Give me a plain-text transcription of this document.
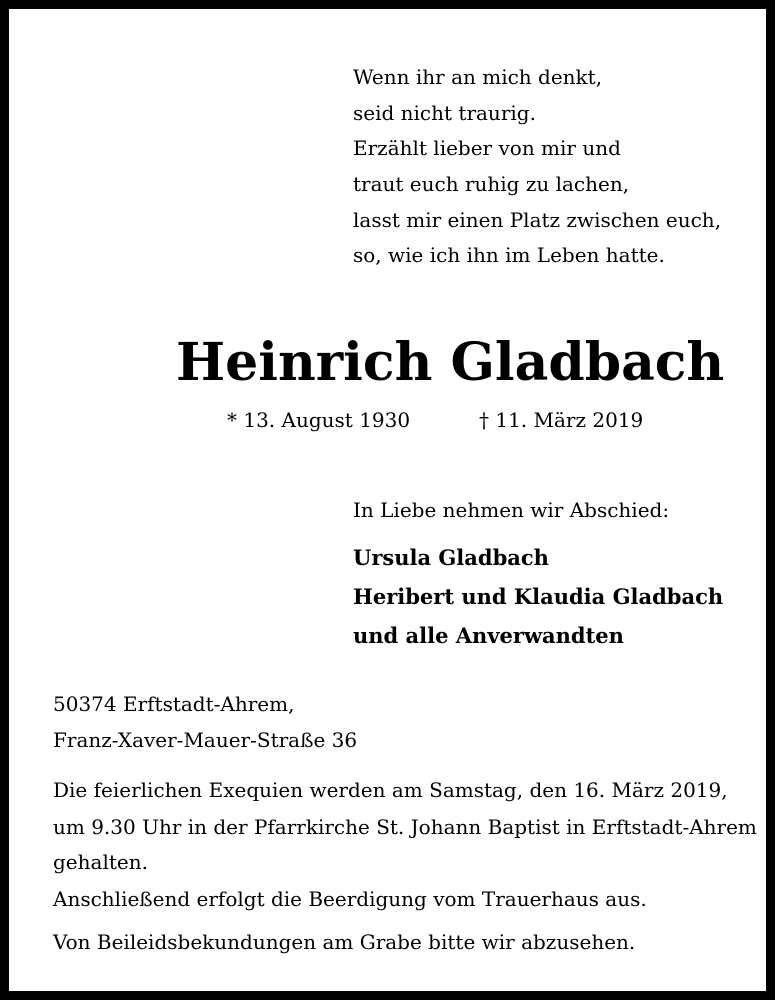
Wenn ihr an mich denkt,
seid nicht traurig.
Erzählt lieber von mir und
traut euch ruhig zu lachen,
lasst mir einen Platz zwischen euch,
so, wie ich ihn im Leben hatte.
Heinrich Gladbach
* 13. August 1930	† 11. März 2019
In Liebe nehmen wir Abschied:
Ursula Gladbach
Heribert und Klaudia Gladbach
und alle Anverwandten
50374 Erftstadt-Ahrem,
Franz-Xaver-Mauer-Straße 36
Die feierlichen Exequien werden am Samstag, den 16. März 2019,
um 9.30 Uhr in der Pfarrkirche St. Johann Baptist in Erftstadt-Ahrem
gehalten.
Anschließend erfolgt die Beerdigung vom Trauerhaus aus.
Von Beileidsbekundungen am Grabe bitte wir abzusehen.
